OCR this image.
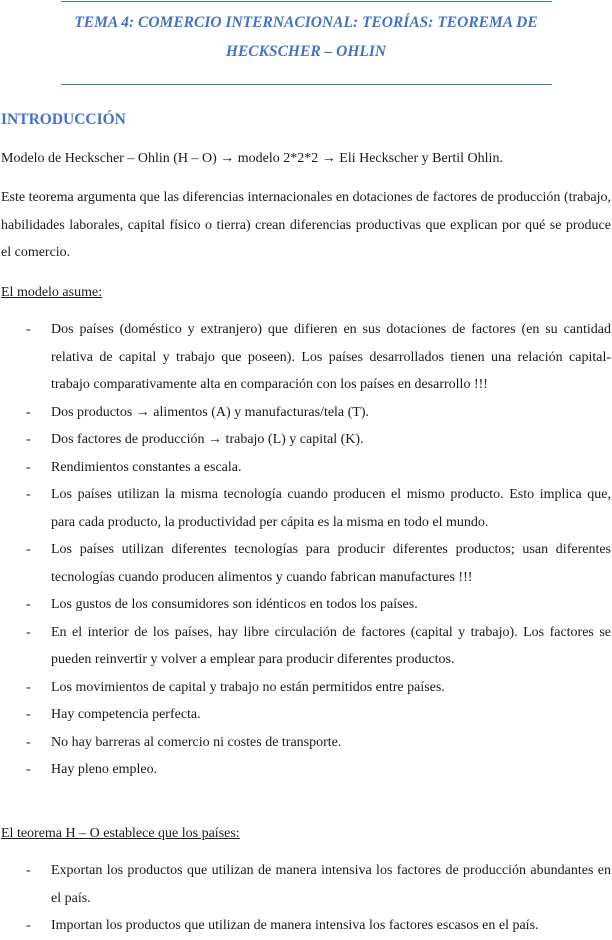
TEMA 4: COMERCIO INTERNACIONAL: TEORÍAS: TEOREMA DE
HECKSCHER – OHLIN
INTRODUCCIÓN

Modelo de Heckscher – Ohlin (H – O) → modelo 2*2*2 → Eli Heckscher y Bertil Ohlin.

Este teorema argumenta que las diferencias internacionales en dotaciones de factores de producción (trabajo, habilidades laborales, capital físico o tierra) crean diferencias productivas que explican por qué se produce el comercio.

El modelo asume:

- Dos países (doméstico y extranjero) que difieren en sus dotaciones de factores (en su cantidad relativa de capital y trabajo que poseen). Los países desarrollados tienen una relación capital-trabajo comparativamente alta en comparación con los países en desarrollo !!!
- Dos productos → alimentos (A) y manufacturas/tela (T).
- Dos factores de producción → trabajo (L) y capital (K).
- Rendimientos constantes a escala.
- Los países utilizan la misma tecnología cuando producen el mismo producto. Esto implica que, para cada producto, la productividad per cápita es la misma en todo el mundo.
- Los países utilizan diferentes tecnologías para producir diferentes productos; usan diferentes tecnologías cuando producen alimentos y cuando fabrican manufactures !!!
- Los gustos de los consumidores son idénticos en todos los países.
- En el interior de los países, hay libre circulación de factores (capital y trabajo). Los factores se pueden reinvertir y volver a emplear para producir diferentes productos.
- Los movimientos de capital y trabajo no están permitidos entre países.
- Hay competencia perfecta.
- No hay barreras al comercio ni costes de transporte.
- Hay pleno empleo.

El teorema H – O establece que los países:

- Exportan los productos que utilizan de manera intensiva los factores de producción abundantes en el país.
- Importan los productos que utilizan de manera intensiva los factores escasos en el país.
